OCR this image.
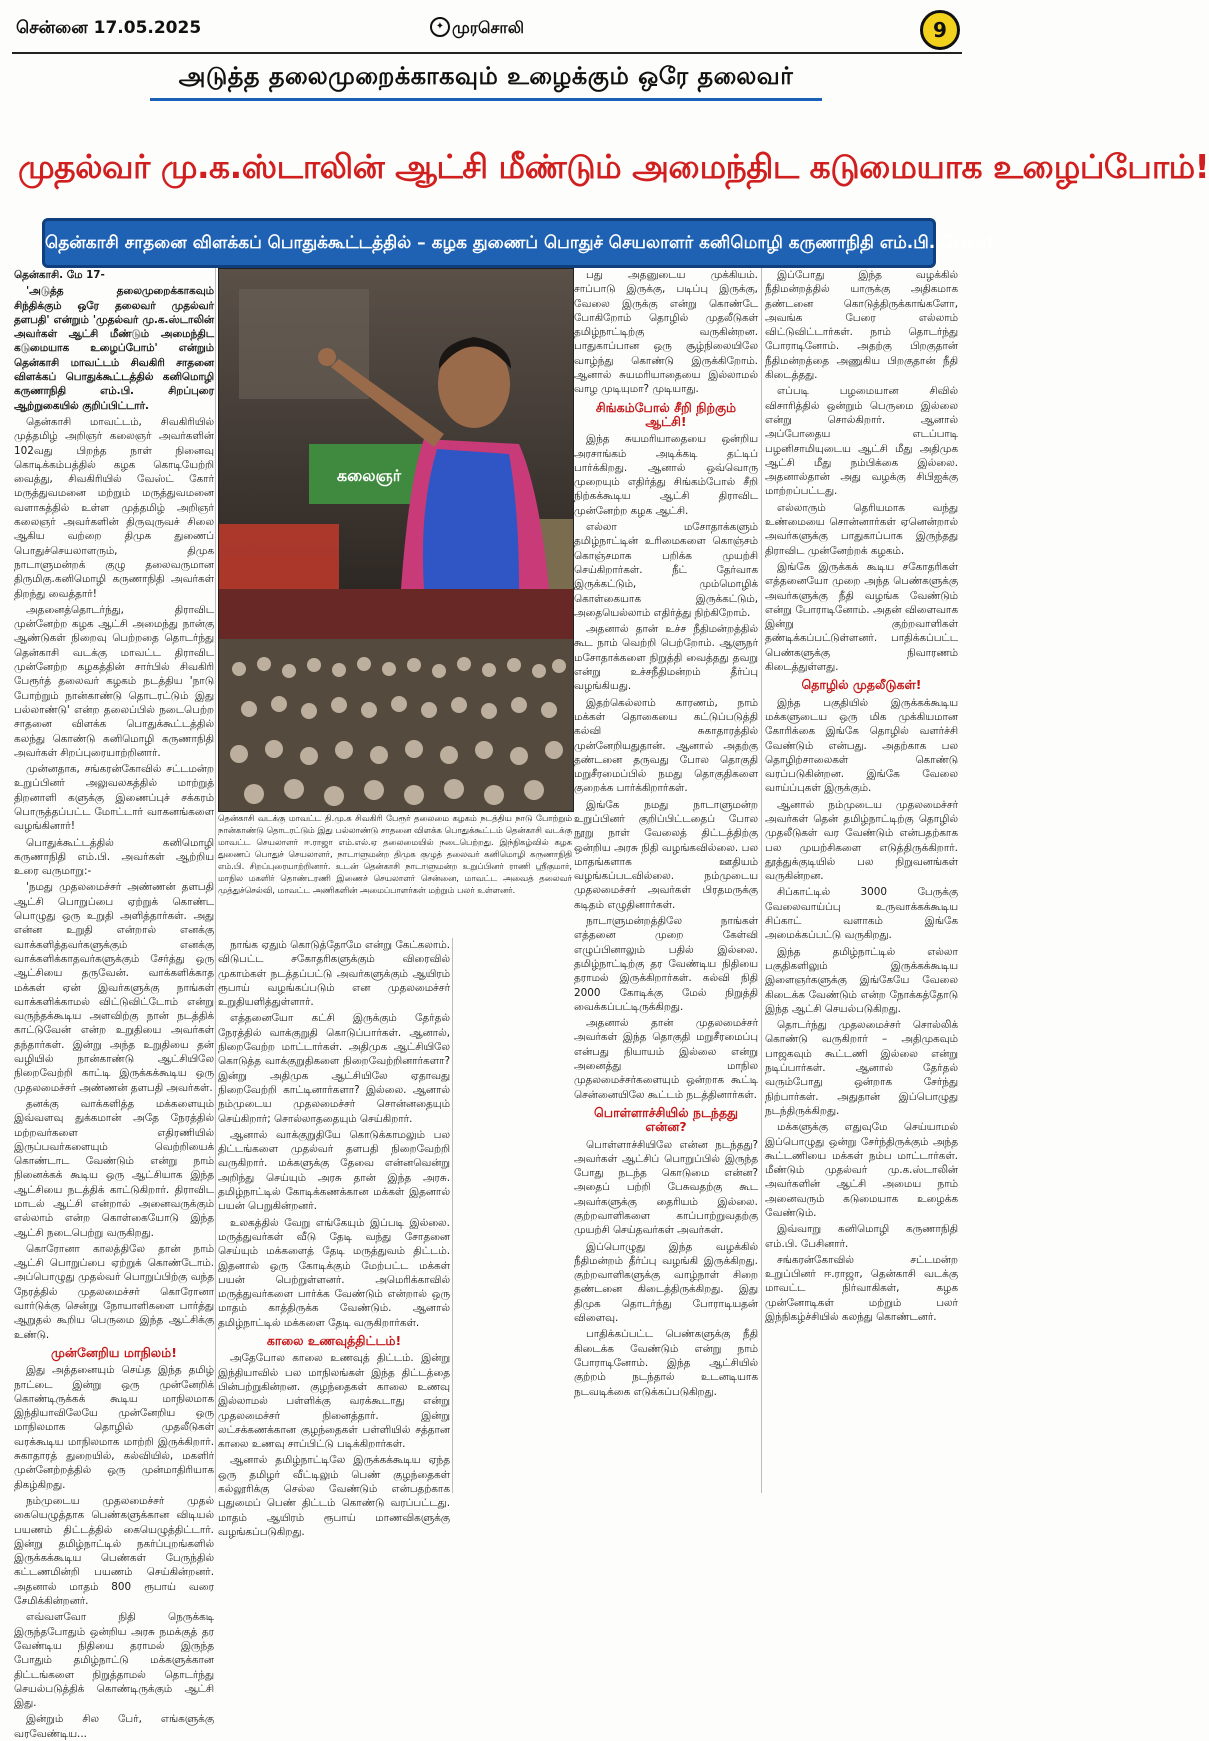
சென்னை 17.05.2025	✦ முரசொலி	9
அடுத்த தலைமுறைக்காகவும் உழைக்கும் ஒரே தலைவர்
முதல்வர் மு.க.ஸ்டாலின் ஆட்சி மீண்டும் அமைந்திட கடுமையாக உழைப்போம்!
தென்காசி சாதனை விளக்கப் பொதுக்கூட்டத்தில் – கழக துணைப் பொதுச் செயலாளர் கனிமொழி கருணாநிதி எம்.பி. பேச்சு!

தென்காசி. மே 17-

'அடுத்த தலைமுறைக்காகவும் சிந்திக்கும் ஒரே தலைவர் முதல்வர் தளபதி' என்றும் 'முதல்வர் மு.க.ஸ்டாலின் அவர்கள் ஆட்சி மீண்டும் அமைந்திட கடுமையாக உழைப்போம்' என்றும் தென்காசி மாவட்டம் சிவகிரி சாதனை விளக்கப் பொதுக்கூட்டத்தில் கனிமொழி கருணாநிதி எம்.பி. சிறப்புரை ஆற்றுகையில் குறிப்பிட்டார்.

தென்காசி மாவட்டம், சிவகிரியில் முத்தமிழ் அறிஞர் கலைஞர் அவர்களின் 102வது பிறந்த நாள் நினைவு கொடிக்கம்பத்தில் கழக கொடியேற்றி வைத்து, சிவகிரியில் வேஸ்ட் கோர் மருத்துவமனை மற்றும் மருத்துவமனை வளாகத்தில் உள்ள முத்தமிழ் அறிஞர் கலைஞர் அவர்களின் திருவுருவச் சிலை ஆகிய வற்றை திமுக துணைப் பொதுச்செயலாளரும், திமுக நாடாளுமன்றக் குழு தலைவருமான திருமிகு.கனிமொழி கருணாநிதி அவர்கள் திறந்து வைத்தார்!

அதனைத்தொடர்ந்து, திராவிட முன்னேற்ற கழக ஆட்சி அமைந்து நான்கு ஆண்டுகள் நிறைவு பெற்றதை தொடர்ந்து தென்காசி வடக்கு மாவட்ட திராவிட முன்னேற்ற கழகத்தின் சார்பில் சிவகிரி பேரூர்த் தலைவர் கழகம் நடத்திய 'நாடு போற்றும் நான்காண்டு தொடரட்டும் இது பல்லாண்டு' என்ற தலைப்பில் நடைபெற்ற சாதனை விளக்க பொதுக்கூட்டத்தில் கலந்து கொண்டு கனிமொழி கருணாநிதி அவர்கள் சிறப்புரையாற்றினார்.

முன்னதாக, சங்கரன்கோவில் சட்டமன்ற உறுப்பினர் அலுவலகத்தில் மாற்றுத் திறனாளி களுக்கு இணைப்புச் சக்கரம் பொருத்தப்பட்ட மோட்டார் வாகனங்களை வழங்கினார்!

பொதுக்கூட்டத்தில் கனிமொழி கருணாநிதி எம்.பி. அவர்கள் ஆற்றிய உரை வருமாறு:-

'நமது முதலமைச்சர் அண்ணன் தளபதி ஆட்சி பொறுப்பை ஏற்றுக் கொண்ட பொழுது ஒரு உறுதி அளித்தார்கள். அது என்ன உறுதி என்றால் எனக்கு வாக்களித்தவர்களுக்கும் எனக்கு வாக்களிக்காதவர்களுக்கும் சேர்த்து ஒரு ஆட்சியை தருவேன். வாக்களிக்காத மக்கள் ஏன் இவர்களுக்கு நாங்கள் வாக்களிக்காமல் விட்டுவிட்டோம் என்று வருந்தக்கூடிய அளவிற்கு நான் நடத்திக் காட்டுவேன் என்ற உறுதியை அவர்கள் தந்தார்கள். இன்று அந்த உறுதியை தன் வழியில் நான்காண்டு ஆட்சியிலே நிறைவேற்றி காட்டி இருக்கக்கூடிய ஒரு முதலமைச்சர் அண்ணன் தளபதி அவர்கள்.

தனக்கு வாக்களித்த மக்களையும் இவ்வளவு துக்கமான் அதே நேரத்தில் மற்றவர்களை எதிரணியில் இருப்பவர்களையும் வெற்றியைக் கொண்டாட வேண்டும் என்று நாம் நினைக்கக் கூடிய ஒரு ஆட்சியாக இந்த ஆட்சியை நடத்திக் காட்டுகிறார். திராவிட மாடல் ஆட்சி என்றால் அனைவருக்கும் எல்லாம் என்ற கொள்கையோடு இந்த ஆட்சி நடைபெற்று வருகிறது.

கொரோனா காலத்திலே தான் நாம் ஆட்சி பொறுப்பை ஏற்றுக் கொண்டோம். அப்பொழுது முதல்வர் பொறுப்பிற்கு வந்த நேரத்தில் முதலமைச்சர் கொரோனா வார்டுக்கு சென்று நோயாளிகளை பார்த்து ஆறுதல் கூறிய பெருமை இந்த ஆட்சிக்கு உண்டு.

முன்னேறிய மாநிலம்!

இது அத்தனையும் செய்த இந்த தமிழ் நாட்டை இன்று ஒரு முன்னேறிக் கொண்டிருக்கக் கூடிய மாநிலமாக இந்தியாவிலேயே முன்னேறிய ஒரு மாநிலமாக தொழில் முதலீடுகள் வரக்கூடிய மாநிலமாக மாற்றி இருக்கிறார். சுகாதாரத் துறையில், கல்வியில், மகளிர் முன்னேற்றத்தில் ஒரு முன்மாதிரியாக திகழ்கிறது.

நம்முடைய முதலமைச்சர் முதல் கையெழுத்தாக பெண்களுக்கான விடியல் பயணம் திட்டத்தில் கையெழுத்திட்டார். இன்று தமிழ்நாட்டில் நகர்ப்புறங்களில் இருக்கக்கூடிய பெண்கள் பேருந்தில் கட்டணமின்றி பயணம் செய்கின்றனர். அதனால் மாதம் 800 ரூபாய் வரை சேமிக்கின்றனர்.

எவ்வளவோ நிதி நெருக்கடி இருந்தபோதும் ஒன்றிய அரசு நமக்குத் தர வேண்டிய நிதியை தராமல் இருந்த போதும் தமிழ்நாட்டு மக்களுக்கான திட்டங்களை நிறுத்தாமல் தொடர்ந்து செயல்படுத்திக் கொண்டிருக்கும் ஆட்சி இது.

இன்றும் சில பேர், எங்களுக்கு வரவேண்டிய...

கலைஞர்
தென்காசி வடக்கு மாவட்ட தி.மு.க சிவகிரி பேரூர் தலைமை கழகம் நடத்திய நாடு போற்றும் நான்காண்டு தொடரட்டும் இது பல்லாண்டு சாதனை விளக்க பொதுக்கூட்டம் தென்காசி வடக்கு மாவட்ட செயலாளர் ஈ.ராஜா எம்.எல்.ஏ தலைமையில் நடைபெற்றது. இந்நிகழ்வில் கழக துணைப் பொதுச் செயலாளர், நாடாளுமன்ற திமுக குழுத் தலைவர் கனிமொழி கருணாநிதி எம்.பி. சிறப்புரையாற்றினார். உடன் தென்காசி நாடாளுமன்ற உறுப்பினர் ராணி ஸ்ரீகுமார், மாநில மகளிர் தொண்டரணி இணைச் செயலாளர் சென்னை, மாவட்ட அவைத் தலைவர் முத்துச்செல்வி, மாவட்ட அணிகளின் அமைப்பாளர்கள் மற்றும் பலர் உள்ளனர்.

நாங்க ஏதும் கொடுத்தோமே என்று கேட்கலாம். விடுபட்ட சகோதரிகளுக்கும் விரைவில் முகாம்கள் நடத்தப்பட்டு அவர்களுக்கும் ஆயிரம் ரூபாய் வழங்கப்படும் என முதலமைச்சர் உறுதியளித்துள்ளார்.

எத்தனையோ கட்சி இருக்கும் தேர்தல் நேரத்தில் வாக்குறுதி கொடுப்பார்கள். ஆனால், நிறைவேற்ற மாட்டார்கள். அதிமுக ஆட்சியிலே கொடுத்த வாக்குறுதிகளை நிறைவேற்றினார்களா? இன்று அதிமுக ஆட்சியிலே ஏதாவது நிறைவேற்றி காட்டினார்களா? இல்லை. ஆனால் நம்முடைய முதலமைச்சர் சொன்னதையும் செய்கிறார்; சொல்லாததையும் செய்கிறார்.

ஆனால் வாக்குறுதியே கொடுக்காமலும் பல திட்டங்களை முதல்வர் தளபதி நிறைவேற்றி வருகிறார். மக்களுக்கு தேவை என்னவென்று அறிந்து செய்யும் அரசு தான் இந்த அரசு. தமிழ்நாட்டில் கோடிக்கணக்கான மக்கள் இதனால் பயன் பெறுகின்றனர்.

உலகத்தில் வேறு எங்கேயும் இப்படி இல்லை. மருத்துவர்கள் வீடு தேடி வந்து சோதனை செய்யும் மக்களைத் தேடி மருத்துவம் திட்டம். இதனால் ஒரு கோடிக்கும் மேற்பட்ட மக்கள் பயன் பெற்றுள்ளனர். அமெரிக்காவில் மருத்துவர்களை பார்க்க வேண்டும் என்றால் ஒரு மாதம் காத்திருக்க வேண்டும். ஆனால் தமிழ்நாட்டில் மக்களை தேடி வருகிறார்கள்.

காலை உணவுத்திட்டம்!

அதேபோல காலை உணவுத் திட்டம். இன்று இந்தியாவில் பல மாநிலங்கள் இந்த திட்டத்தை பின்பற்றுகின்றன. குழந்தைகள் காலை உணவு இல்லாமல் பள்ளிக்கு வரக்கூடாது என்று முதலமைச்சர் நினைத்தார். இன்று லட்சக்கணக்கான குழந்தைகள் பள்ளியில் சத்தான காலை உணவு சாப்பிட்டு படிக்கிறார்கள்.

ஆனால் தமிழ்நாட்டிலே இருக்கக்கூடிய ஏந்த ஒரு தமிழர் வீட்டிலும் பெண் குழந்தைகள் கல்லூரிக்கு செல்ல வேண்டும் என்பதற்காக புதுமைப் பெண் திட்டம் கொண்டு வரப்பட்டது. மாதம் ஆயிரம் ரூபாய் மாணவிகளுக்கு வழங்கப்படுகிறது.

பது அதனுடைய முக்கியம். சாப்பாடு இருக்கு, படிப்பு இருக்கு, வேலை இருக்கு என்று கொண்டே போகிறோம் தொழில் முதலீடுகள் தமிழ்நாட்டிற்கு வருகின்றன. பாதுகாப்பான ஒரு சூழ்நிலையிலே வாழ்ந்து கொண்டு இருக்கிறோம். ஆனால் சுயமரியாதையை இல்லாமல் வாழ முடியுமா? முடியாது.

சிங்கம்போல் சீறி நிற்கும் ஆட்சி!

இந்த சுயமரியாதையை ஒன்றிய அரசாங்கம் அடிக்கடி தட்டிப் பார்க்கிறது. ஆனால் ஒவ்வொரு முறையும் எதிர்த்து சிங்கம்போல் சீறி நிற்கக்கூடிய ஆட்சி திராவிட முன்னேற்ற கழக ஆட்சி.

எல்லா மசோதாக்களும் தமிழ்நாட்டின் உரிமைகளை கொஞ்சம் கொஞ்சமாக பறிக்க முயற்சி செய்கிறார்கள். நீட் தேர்வாக இருக்கட்டும், மும்மொழிக் கொள்கையாக இருக்கட்டும், அதையெல்லாம் எதிர்த்து நிற்கிறோம்.

அதனால் தான் உச்ச நீதிமன்றத்தில் கூட நாம் வெற்றி பெற்றோம். ஆளுநர் மசோதாக்களை நிறுத்தி வைத்தது தவறு என்று உச்சநீதிமன்றம் தீர்ப்பு வழங்கியது.

இதற்கெல்லாம் காரணம், நாம் மக்கள் தொகையை கட்டுப்படுத்தி கல்வி சுகாதாரத்தில் முன்னேறியதுதான். ஆனால் அதற்கு தண்டனை தருவது போல தொகுதி மறுசீரமைப்பில் நமது தொகுதிகளை குறைக்க பார்க்கிறார்கள்.

இங்கே நமது நாடாளுமன்ற உறுப்பினர் குறிப்பிட்டதைப் போல நூறு நாள் வேலைத் திட்டத்திற்கு ஒன்றிய அரசு நிதி வழங்கவில்லை. பல மாதங்களாக ஊதியம் வழங்கப்படவில்லை. நம்முடைய முதலமைச்சர் அவர்கள் பிரதமருக்கு கடிதம் எழுதினார்கள்.

நாடாளுமன்றத்திலே நாங்கள் எத்தனை முறை கேள்வி எழுப்பினாலும் பதில் இல்லை. தமிழ்நாட்டிற்கு தர வேண்டிய நிதியை தராமல் இருக்கிறார்கள். கல்வி நிதி 2000 கோடிக்கு மேல் நிறுத்தி வைக்கப்பட்டிருக்கிறது.

அதனால் தான் முதலமைச்சர் அவர்கள் இந்த தொகுதி மறுசீரமைப்பு என்பது நியாயம் இல்லை என்று அனைத்து மாநில முதலமைச்சர்களையும் ஒன்றாக கூட்டி சென்னையிலே கூட்டம் நடத்தினார்கள்.

பொள்ளாச்சியில் நடந்தது என்ன?

பொள்ளாச்சியிலே என்ன நடந்தது? அவர்கள் ஆட்சிப் பொறுப்பில் இருந்த போது நடந்த கொடுமை என்ன? அதைப் பற்றி பேசுவதற்கு கூட அவர்களுக்கு தைரியம் இல்லை. குற்றவாளிகளை காப்பாற்றுவதற்கு முயற்சி செய்தவர்கள் அவர்கள்.

இப்பொழுது இந்த வழக்கில் நீதிமன்றம் தீர்ப்பு வழங்கி இருக்கிறது. குற்றவாளிகளுக்கு வாழ்நாள் சிறை தண்டனை கிடைத்திருக்கிறது. இது திமுக தொடர்ந்து போராடியதன் விளைவு.

பாதிக்கப்பட்ட பெண்களுக்கு நீதி கிடைக்க வேண்டும் என்று நாம் போராடினோம். இந்த ஆட்சியில் குற்றம் நடந்தால் உடனடியாக நடவடிக்கை எடுக்கப்படுகிறது.

இப்போது இந்த வழக்கில் நீதிமன்றத்தில் யாருக்கு அதிகமாக தண்டனை கொடுத்திருக்காங்களோ, அவங்க பேரை எல்லாம் விட்டுவிட்டார்கள். நாம் தொடர்ந்து போராடினோம். அதற்கு பிறகுதான் நீதிமன்றத்தை அணுகிய பிறகுதான் நீதி கிடைத்தது.

எப்படி பழமையான சிவில் விசாரித்தில் ஒன்றும் பெருமை இல்லை என்று சொல்கிறார். ஆனால் அப்போதைய எடப்பாடி பழனிசாமியுடைய ஆட்சி மீது அதிமுக ஆட்சி மீது நம்பிக்கை இல்லை. அதனால்தான் அது வழக்கு சிபிஐக்கு மாற்றப்பட்டது.

எல்லாரும் தெரியமாக வந்து உண்மையை சொன்னார்கள் ஏனென்றால் அவர்களுக்கு பாதுகாப்பாக இருந்தது திராவிட முன்னேற்றக் கழகம்.

இங்கே இருக்கக் கூடிய சகோதரிகள் எத்தனையோ முறை அந்த பெண்களுக்கு அவர்களுக்கு நீதி வழங்க வேண்டும் என்று போராடினோம். அதன் விளைவாக இன்று குற்றவாளிகள் தண்டிக்கப்பட்டுள்ளனர். பாதிக்கப்பட்ட பெண்களுக்கு நிவாரணம் கிடைத்துள்ளது.

தொழில் முதலீடுகள்!

இந்த பகுதியில் இருக்கக்கூடிய மக்களுடைய ஒரு மிக முக்கியமான கோரிக்கை இங்கே தொழில் வளர்ச்சி வேண்டும் என்பது. அதற்காக பல தொழிற்சாலைகள் கொண்டு வரப்படுகின்றன. இங்கே வேலை வாய்ப்புகள் இருக்கும்.

ஆனால் நம்முடைய முதலமைச்சர் அவர்கள் தென் தமிழ்நாட்டிற்கு தொழில் முதலீடுகள் வர வேண்டும் என்பதற்காக பல முயற்சிகளை எடுத்திருக்கிறார். தூத்துக்குடியில் பல நிறுவனங்கள் வருகின்றன.

சிப்காட்டில் 3000 பேருக்கு வேலைவாய்ப்பு உருவாக்கக்கூடிய சிப்காட் வளாகம் இங்கே அமைக்கப்பட்டு வருகிறது.

இந்த தமிழ்நாட்டில் எல்லா பகுதிகளிலும் இருக்கக்கூடிய இளைஞர்களுக்கு இங்கேயே வேலை கிடைக்க வேண்டும் என்ற நோக்கத்தோடு இந்த ஆட்சி செயல்படுகிறது.

தொடர்ந்து முதலமைச்சர் சொல்லிக் கொண்டு வருகிறார் – அதிமுகவும் பாஜகவும் கூட்டணி இல்லை என்று நடிப்பார்கள். ஆனால் தேர்தல் வரும்போது ஒன்றாக சேர்ந்து நிற்பார்கள். அதுதான் இப்பொழுது நடந்திருக்கிறது.

மக்களுக்கு எதுவுமே செய்யாமல் இப்பொழுது ஒன்று சேர்ந்திருக்கும் அந்த கூட்டணியை மக்கள் நம்ப மாட்டார்கள். மீண்டும் முதல்வர் மு.க.ஸ்டாலின் அவர்களின் ஆட்சி அமைய நாம் அனைவரும் கடுமையாக உழைக்க வேண்டும்.

இவ்வாறு கனிமொழி கருணாநிதி எம்.பி. பேசினார்.

சங்கரன்கோவில் சட்டமன்ற உறுப்பினர் ஈ.ராஜா, தென்காசி வடக்கு மாவட்ட நிர்வாகிகள், கழக முன்னோடிகள் மற்றும் பலர் இந்நிகழ்ச்சியில் கலந்து கொண்டனர்.
